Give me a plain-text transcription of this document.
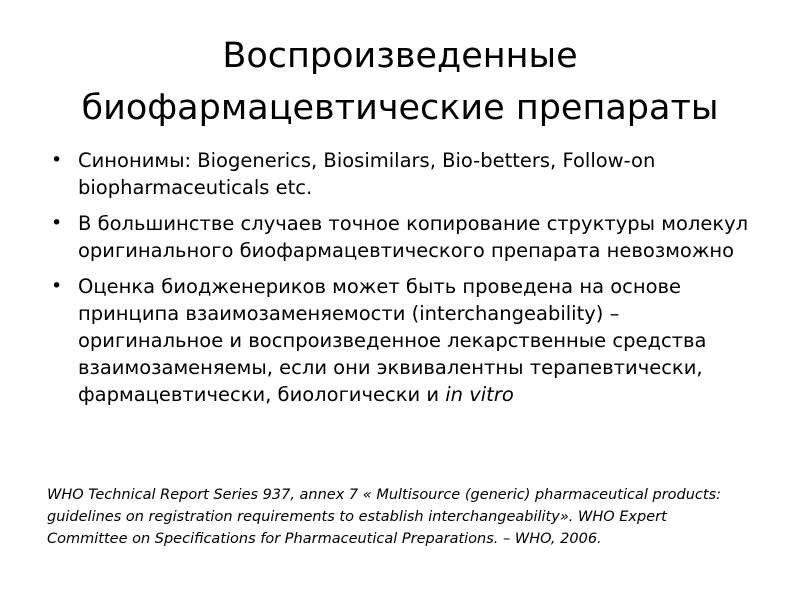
Воспроизведенные
биофармацевтические препараты
• Синонимы: Biogenerics, Biosimilars, Bio-betters, Follow-on biopharmaceuticals etc.
• В большинстве случаев точное копирование структуры молекул оригинального биофармацевтического препарата невозможно
• Оценка биодженериков может быть проведена на основе принципа взаимозаменяемости (interchangeability) – оригинальное и воспроизведенное лекарственные средства взаимозаменяемы, если они эквивалентны терапевтически, фармацевтически, биологически и in vitro

WHO Technical Report Series 937, annex 7 « Multisource (generic) pharmaceutical products: guidelines on registration requirements to establish interchangeability». WHO Expert Committee on Specifications for Pharmaceutical Preparations. – WHO, 2006.
